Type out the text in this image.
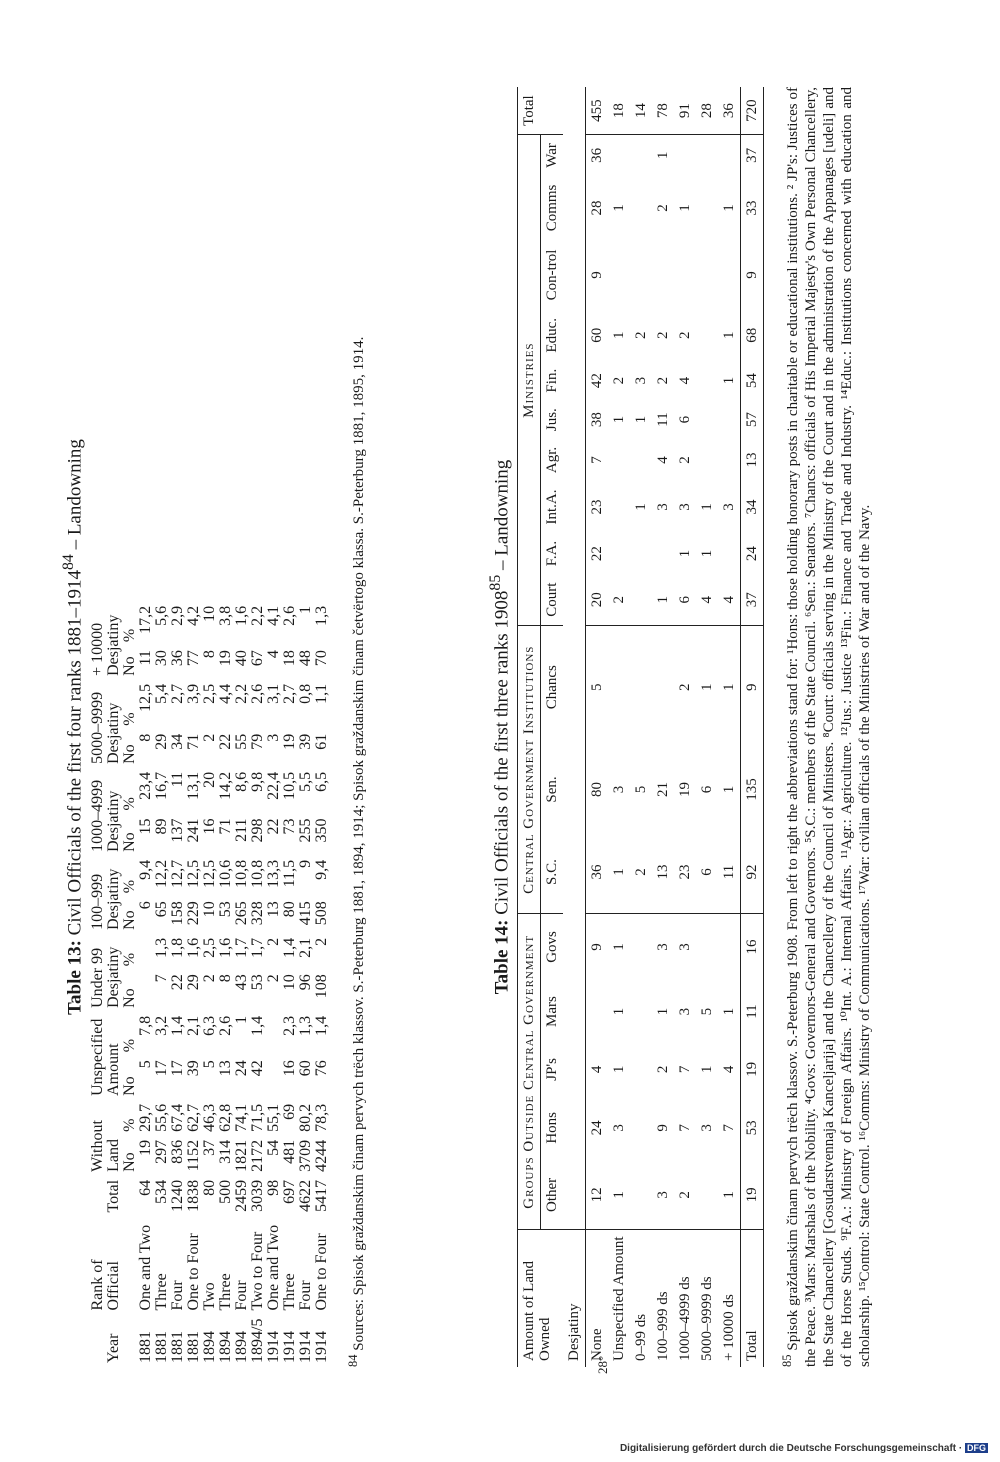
28°
Table 13: Civil Officials of the first four ranks 1881–1914$^{84}$ – Landowning
Year	Rank of Official	Total	Without Land		Unspecified Amount		Under 99 Desjatiny		100–999 Desjatiny		1000–4999 Desjatiny		5000–9999 Desjatiny		+ 10000 Desjatiny	
			No	%	No	%	No	%	No	%	No	%	No	%	No	%
1881	One and Two	64	19	29,7	5	7,8			6	9,4	15	23,4	8	12,5	11	17,2
1881	Three	534	297	55,6	17	3,2	7	1,3	65	12,2	89	16,7	29	5,4	30	5,6
1881	Four	1240	836	67,4	17	1,4	22	1,8	158	12,7	137	11	34	2,7	36	2,9
1881	One to Four	1838	1152	62,7	39	2,1	29	1,6	229	12,5	241	13,1	71	3,9	77	4,2
1894	Two	80	37	46,3	5	6,3	2	2,5	10	12,5	16	20	2	2,5	8	10
1894	Three	500	314	62,8	13	2,6	8	1,6	53	10,6	71	14,2	22	4,4	19	3,8
1894	Four	2459	1821	74,1	24	1	43	1,7	265	10,8	211	8,6	55	2,2	40	1,6
1894/5	Two to Four	3039	2172	71,5	42	1,4	53	1,7	328	10,8	298	9,8	79	2,6	67	2,2
1914	One and Two	98	54	55,1			2	2	13	13,3	22	22,4	3	3,1	4	4,1
1914	Three	697	481	69	16	2,3	10	1,4	80	11,5	73	10,5	19	2,7	18	2,6
1914	Four	4622	3709	80,2	60	1,3	96	2,1	415	9	255	5,5	39	0,8	48	1
1914	One to Four	5417	4244	78,3	76	1,4	108	2	508	9,4	350	6,5	61	1,1	70	1,3
$^{84}$ Sources: Spisok graždanskim činam pervych trëch klassov. S.-Peterburg 1881, 1894, 1914; Spisok graždanskim činam četvërtogo klassa. S.-Peterburg 1881, 1895, 1914.	Table 14: Civil Officials of the first three ranks 1908$^{85}$ – Landowning
Amount of Land Owned	Groups Outside Central Government					Central Government Institutions			Ministries										Total
	Other	Hons	JP's	Mars	Govs	S.C.	Sen.	Chancs	Court	F.A.	Int.A.	Agr.	Jus.	Fin.	Educ.	Con-trol	Comms	War	
Desjatiny																			
None	12	24	4		9	36	80	5	20	22	23	7	38	42	60	9	28	36	455
Unspecified Amount	1	3	1	1	1	1	3		2				1	2	1		1		18
0–99 ds						2	5				1		1	3	2				14
100–999 ds	3	9	2	1	3	13	21		1		3	4	11	2	2		2	1	78
1000–4999 ds	2	7	7	3	3	23	19	2	6	1	3	2	6	4	2		1		91
5000–9999 ds		3	1	5		6	6	1	4	1	1								28
+ 10000 ds	1	7	4	1		11	1	1	4		3			1	1		1		36
Total	19	53	19	11	16	92	135	9	37	24	34	13	57	54	68	9	33	37	720
$^{85}$ Spisok graždanskim činam pervych trëch klassov. S.-Peterburg 1908. From left to right the abbreviations stand for: ¹Hons: those holding honorary posts in charitable or educational institutions. ² JP's: Justices of the Peace. ³Mars: Marshals of the Nobility. ⁴Govs: Governors-General and Governors. ⁵S.C.: members of the State Council. ⁶Sen.: Senators. ⁷Chancs: officials of His Imperial Majesty's Own Personal Chancellery, the State Chancellery [Gosudarstvennaja Kanceljarija] and the Chancellery of the Council of Ministers. ⁸Court: officials serving in the Ministry of the Court and in the administration of the Appanages [udeli] and of the Horse Studs. ⁹F.A.: Ministry of Foreign Affairs. ¹⁰Int. A.: Internal Affairs. ¹¹Agr.: Agriculture. ¹²Jus.: Justice ¹³Fin.: Finance and Trade and Industry. ¹⁴Educ.: Institutions concerned with education and scholarship. ¹⁵Control: State Control. ¹⁶Comms: Ministry of Communications. ¹⁷War: civilian officials of the Ministries of War and of the Navy.
Digitalisierung gefördert durch die Deutsche Forschungsgemeinschaft · DFG
